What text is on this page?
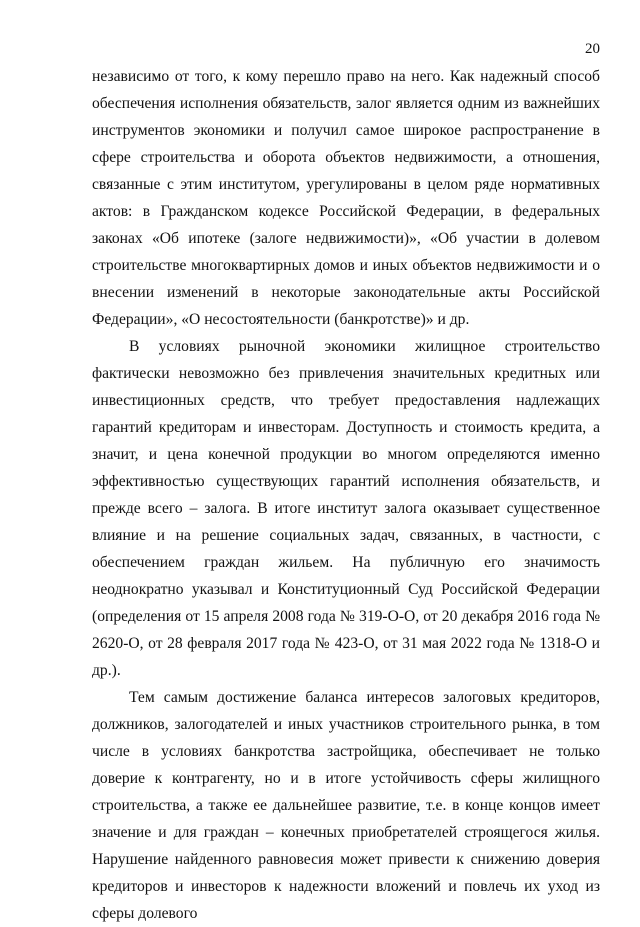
20

независимо от того, к кому перешло право на него. Как надежный способ обеспечения исполнения обязательств, залог является одним из важнейших инструментов экономики и получил самое широкое распространение в сфере строительства и оборота объектов недвижимости, а отношения, связанные с этим институтом, урегулированы в целом ряде нормативных актов: в Гражданском кодексе Российской Федерации, в федеральных законах «Об ипотеке (залоге недвижимости)», «Об участии в долевом строительстве многоквартирных домов и иных объектов недвижимости и о внесении изменений в некоторые законодательные акты Российской Федерации», «О несостоятельности (банкротстве)» и др.

В условиях рыночной экономики жилищное строительство фактически невозможно без привлечения значительных кредитных или инвестиционных средств, что требует предоставления надлежащих гарантий кредиторам и инвесторам. Доступность и стоимость кредита, а значит, и цена конечной продукции во многом определяются именно эффективностью существующих гарантий исполнения обязательств, и прежде всего – залога. В итоге институт залога оказывает существенное влияние и на решение социальных задач, связанных, в частности, с обеспечением граждан жильем. На публичную его значимость неоднократно указывал и Конституционный Суд Российской Федерации (определения от 15 апреля 2008 года № 319-О-О, от 20 декабря 2016 года № 2620-О, от 28 февраля 2017 года № 423-О, от 31 мая 2022 года № 1318-О и др.).

Тем самым достижение баланса интересов залоговых кредиторов, должников, залогодателей и иных участников строительного рынка, в том числе в условиях банкротства застройщика, обеспечивает не только доверие к контрагенту, но и в итоге устойчивость сферы жилищного строительства, а также ее дальнейшее развитие, т.е. в конце концов имеет значение и для граждан – конечных приобретателей строящегося жилья. Нарушение найденного равновесия может привести к снижению доверия кредиторов и инвесторов к надежности вложений и повлечь их уход из сферы долевого
